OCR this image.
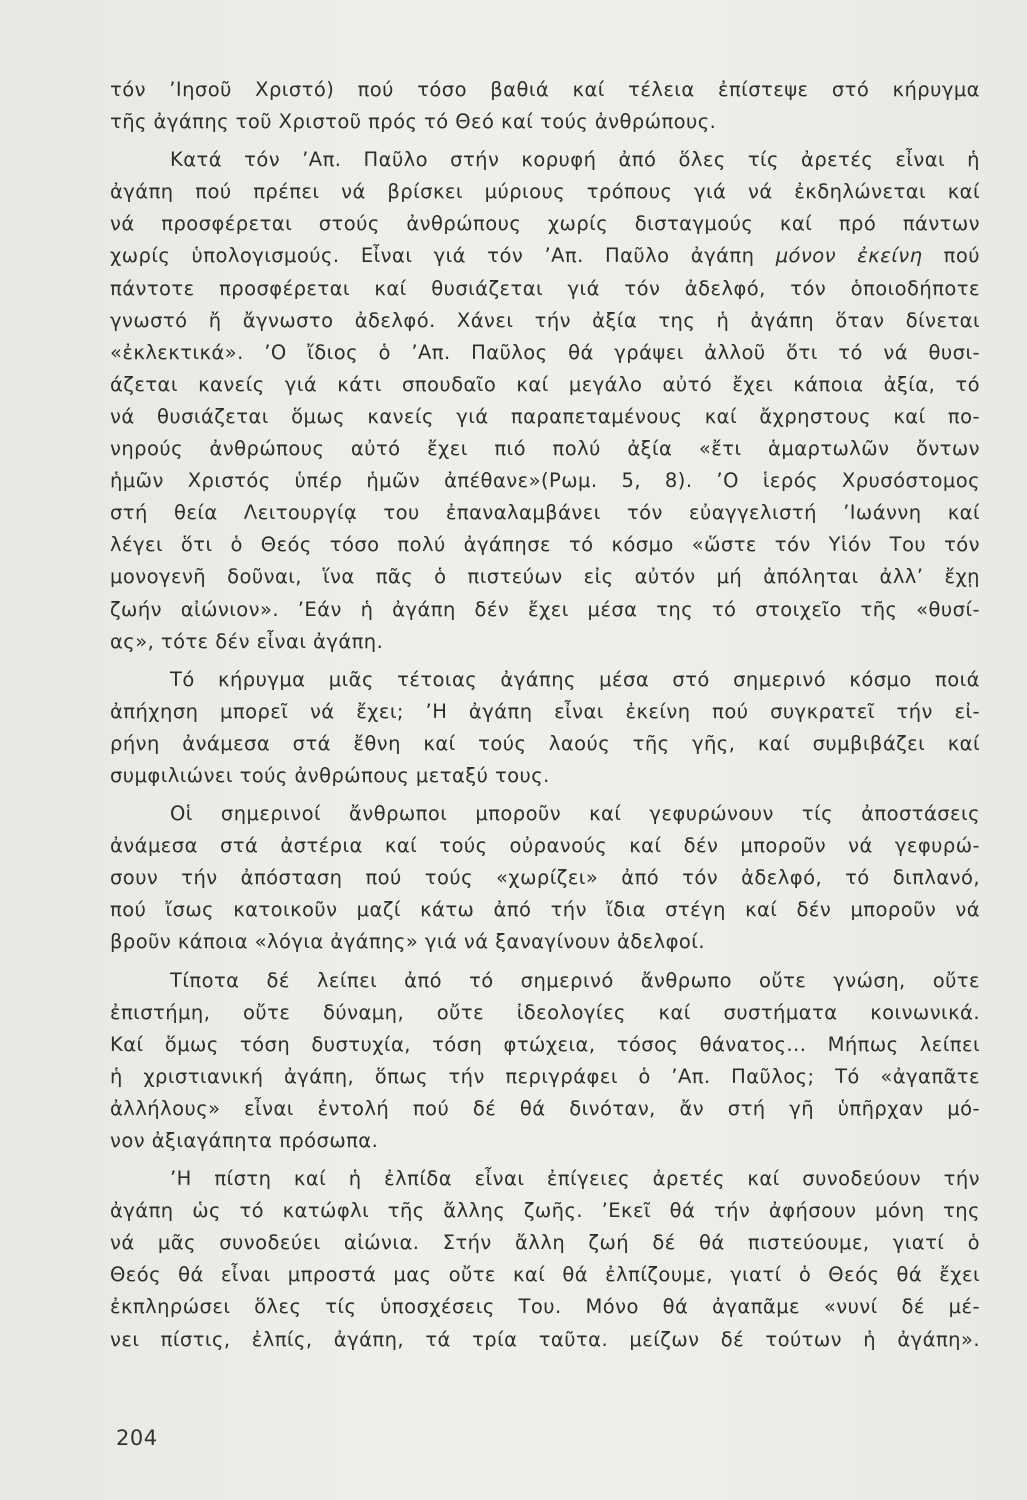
τόν ʼΙησοῦ Χριστό) πού τόσο βαθιά καί τέλεια ἐπίστεψε στό κήρυγμα
τῆς ἀγάπης τοῦ Χριστοῦ πρός τό Θεό καί τούς ἀνθρώπους.
Κατά τόν ʼΑπ. Παῦλο στήν κορυφή ἀπό ὅλες τίς ἀρετές εἶναι ἡ
ἀγάπη πού πρέπει νά βρίσκει μύριους τρόπους γιά νά ἐκδηλώνεται καί
νά προσφέρεται στούς ἀνθρώπους χωρίς δισταγμούς καί πρό πάντων
χωρίς ὑπολογισμούς. Εἶναι γιά τόν ʼΑπ. Παῦλο ἀγάπη μόνον ἐκείνη πού
πάντοτε προσφέρεται καί θυσιάζεται γιά τόν ἀδελφό, τόν ὁποιοδήποτε
γνωστό ἤ ἄγνωστο ἀδελφό. Χάνει τήν ἀξία της ἡ ἀγάπη ὅταν δίνεται
«ἐκλεκτικά». ʼΟ ἴδιος ὁ ʼΑπ. Παῦλος θά γράψει ἀλλοῦ ὅτι τό νά θυσι-
άζεται κανείς γιά κάτι σπουδαῖο καί μεγάλο αὐτό ἔχει κάποια ἀξία, τό
νά θυσιάζεται ὅμως κανείς γιά παραπεταμένους καί ἄχρηστους καί πο-
νηρούς ἀνθρώπους αὐτό ἔχει πιό πολύ ἀξία «ἔτι ἁμαρτωλῶν ὄντων
ἡμῶν Χριστός ὑπέρ ἡμῶν ἀπέθανε»(Ρωμ. 5, 8). ʼΟ ἱερός Χρυσόστομος
στή θεία Λειτουργίᾳ του ἐπαναλαμβάνει τόν εὐαγγελιστή ʼΙωάννη καί
λέγει ὅτι ὁ Θεός τόσο πολύ ἀγάπησε τό κόσμο «ὥστε τόν Υἱόν Του τόν
μονογενῆ δοῦναι, ἵνα πᾶς ὁ πιστεύων εἰς αὐτόν μή ἀπόληται ἀλλʼ ἔχῃ
ζωήν αἰώνιον». ʼΕάν ἡ ἀγάπη δέν ἔχει μέσα της τό στοιχεῖο τῆς «θυσί-
ας», τότε δέν εἶναι ἀγάπη.
Τό κήρυγμα μιᾶς τέτοιας ἀγάπης μέσα στό σημερινό κόσμο ποιά
ἀπήχηση μπορεῖ νά ἔχει; ʼΗ ἀγάπη εἶναι ἐκείνη πού συγκρατεῖ τήν εἰ-
ρήνη ἀνάμεσα στά ἔθνη καί τούς λαούς τῆς γῆς, καί συμβιβάζει καί
συμφιλιώνει τούς ἀνθρώπους μεταξύ τους.
Οἱ σημερινοί ἄνθρωποι μποροῦν καί γεφυρώνουν τίς ἀποστάσεις
ἀνάμεσα στά ἀστέρια καί τούς οὐρανούς καί δέν μποροῦν νά γεφυρώ-
σουν τήν ἀπόσταση πού τούς «χωρίζει» ἀπό τόν ἀδελφό, τό διπλανό,
πού ἴσως κατοικοῦν μαζί κάτω ἀπό τήν ἴδια στέγη καί δέν μποροῦν νά
βροῦν κάποια «λόγια ἀγάπης» γιά νά ξαναγίνουν ἀδελφοί.
Τίποτα δέ λείπει ἀπό τό σημερινό ἄνθρωπο οὔτε γνώση, οὔτε
ἐπιστήμη, οὔτε δύναμη, οὔτε ἰδεολογίες καί συστήματα κοινωνικά.
Καί ὅμως τόση δυστυχία, τόση φτώχεια, τόσος θάνατος... Μήπως λείπει
ἡ χριστιανική ἀγάπη, ὅπως τήν περιγράφει ὁ ʼΑπ. Παῦλος; Τό «ἀγαπᾶτε
ἀλλήλους» εἶναι ἐντολή πού δέ θά δινόταν, ἄν στή γῆ ὑπῆρχαν μό-
νον ἀξιαγάπητα πρόσωπα.
ʼΗ πίστη καί ἡ ἐλπίδα εἶναι ἐπίγειες ἀρετές καί συνοδεύουν τήν
ἀγάπη ὡς τό κατώφλι τῆς ἄλλης ζωῆς. ʼΕκεῖ θά τήν ἀφήσουν μόνη της
νά μᾶς συνοδεύει αἰώνια. Στήν ἄλλη ζωή δέ θά πιστεύουμε, γιατί ὁ
Θεός θά εἶναι μπροστά μας οὔτε καί θά ἐλπίζουμε, γιατί ὁ Θεός θά ἔχει
ἐκπληρώσει ὅλες τίς ὑποσχέσεις Του. Μόνο θά ἀγαπᾶμε «νυνί δέ μέ-
νει πίστις, ἐλπίς, ἀγάπη, τά τρία ταῦτα. μείζων δέ τούτων ἡ ἀγάπη».
204
